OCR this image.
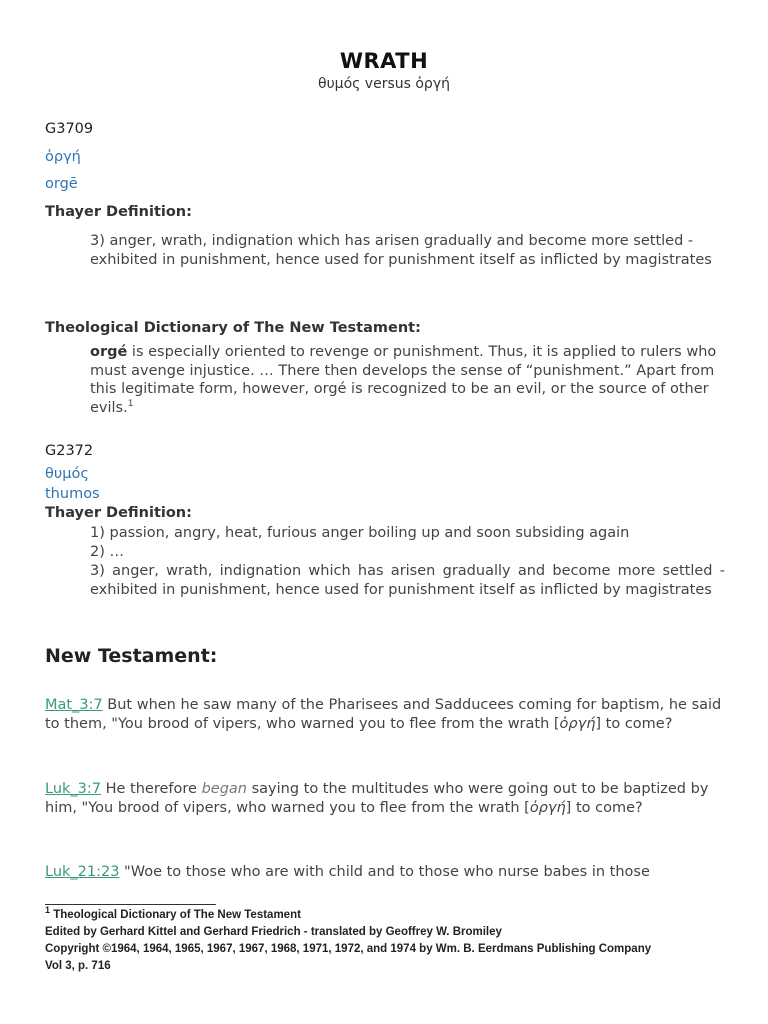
WRATH
θυμός versus ὀργή
G3709
ὀργή
orgē
Thayer Definition:
3) anger, wrath, indignation which has arisen gradually and become more settled - exhibited in punishment, hence used for punishment itself as inflicted by magistrates
Theological Dictionary of The New Testament:
orgé is especially oriented to revenge or punishment. Thus, it is applied to rulers who must avenge injustice. … There then develops the sense of “punishment.” Apart from this legitimate form, however, orgé is recognized to be an evil, or the source of other evils.$^1$
G2372
θυμός
thumos
Thayer Definition:
1) passion, angry, heat, furious anger boiling up and soon subsiding again
2) …
3) anger, wrath, indignation which has arisen gradually and become more settled - exhibited in punishment, hence used for punishment itself as inflicted by magistrates
New Testament:
Mat_3:7 But when he saw many of the Pharisees and Sadducees coming for baptism, he said to them, "You brood of vipers, who warned you to flee from the wrath [ὀργή] to come?
Luk_3:7 He therefore began saying to the multitudes who were going out to be baptized by him, "You brood of vipers, who warned you to flee from the wrath [ὀργή] to come?
Luk_21:23 "Woe to those who are with child and to those who nurse babes in those
$^1$ Theological Dictionary of The New Testament
Edited by Gerhard Kittel and Gerhard Friedrich - translated by Geoffrey W. Bromiley
Copyright ©1964, 1964, 1965, 1967, 1967, 1968, 1971, 1972, and 1974 by Wm. B. Eerdmans Publishing Company
Vol 3, p. 716
